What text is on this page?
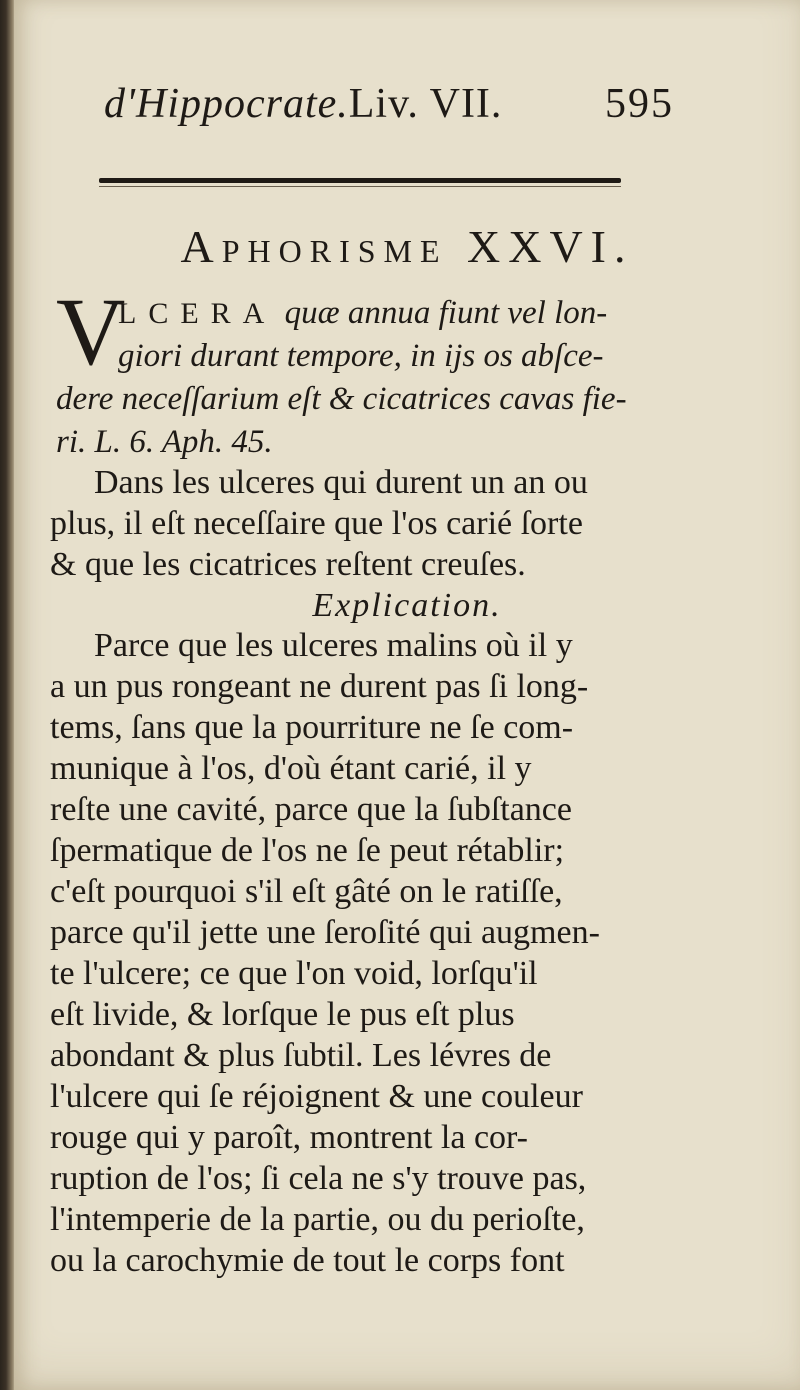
d'Hippocrate.Liv. VII. 595
Aphorisme XXVI.
V
LCERA quæ annua fiunt vel lon-
giori durant tempore, in ijs os abſce-
dere neceſſarium eſt & cicatrices cavas fie-
ri. L. 6. Aph. 45.
Dans les ulceres qui durent un an ou
plus, il eſt neceſſaire que l'os carié ſorte
& que les cicatrices reſtent creuſes.
Explication.
Parce que les ulceres malins où il y
a un pus rongeant ne durent pas ſi long-
tems, ſans que la pourriture ne ſe com-
munique à l'os, d'où étant carié, il y
reſte une cavité, parce que la ſubſtance
ſpermatique de l'os ne ſe peut rétablir;
c'eſt pourquoi s'il eſt gâté on le ratiſſe,
parce qu'il jette une ſeroſité qui augmen-
te l'ulcere; ce que l'on void, lorſqu'il
eſt livide, & lorſque le pus eſt plus
abondant & plus ſubtil. Les lévres de
l'ulcere qui ſe réjoignent & une couleur
rouge qui y paroît, montrent la cor-
ruption de l'os; ſi cela ne s'y trouve pas,
l'intemperie de la partie, ou du perioſte,
ou la carochymie de tout le corps font
